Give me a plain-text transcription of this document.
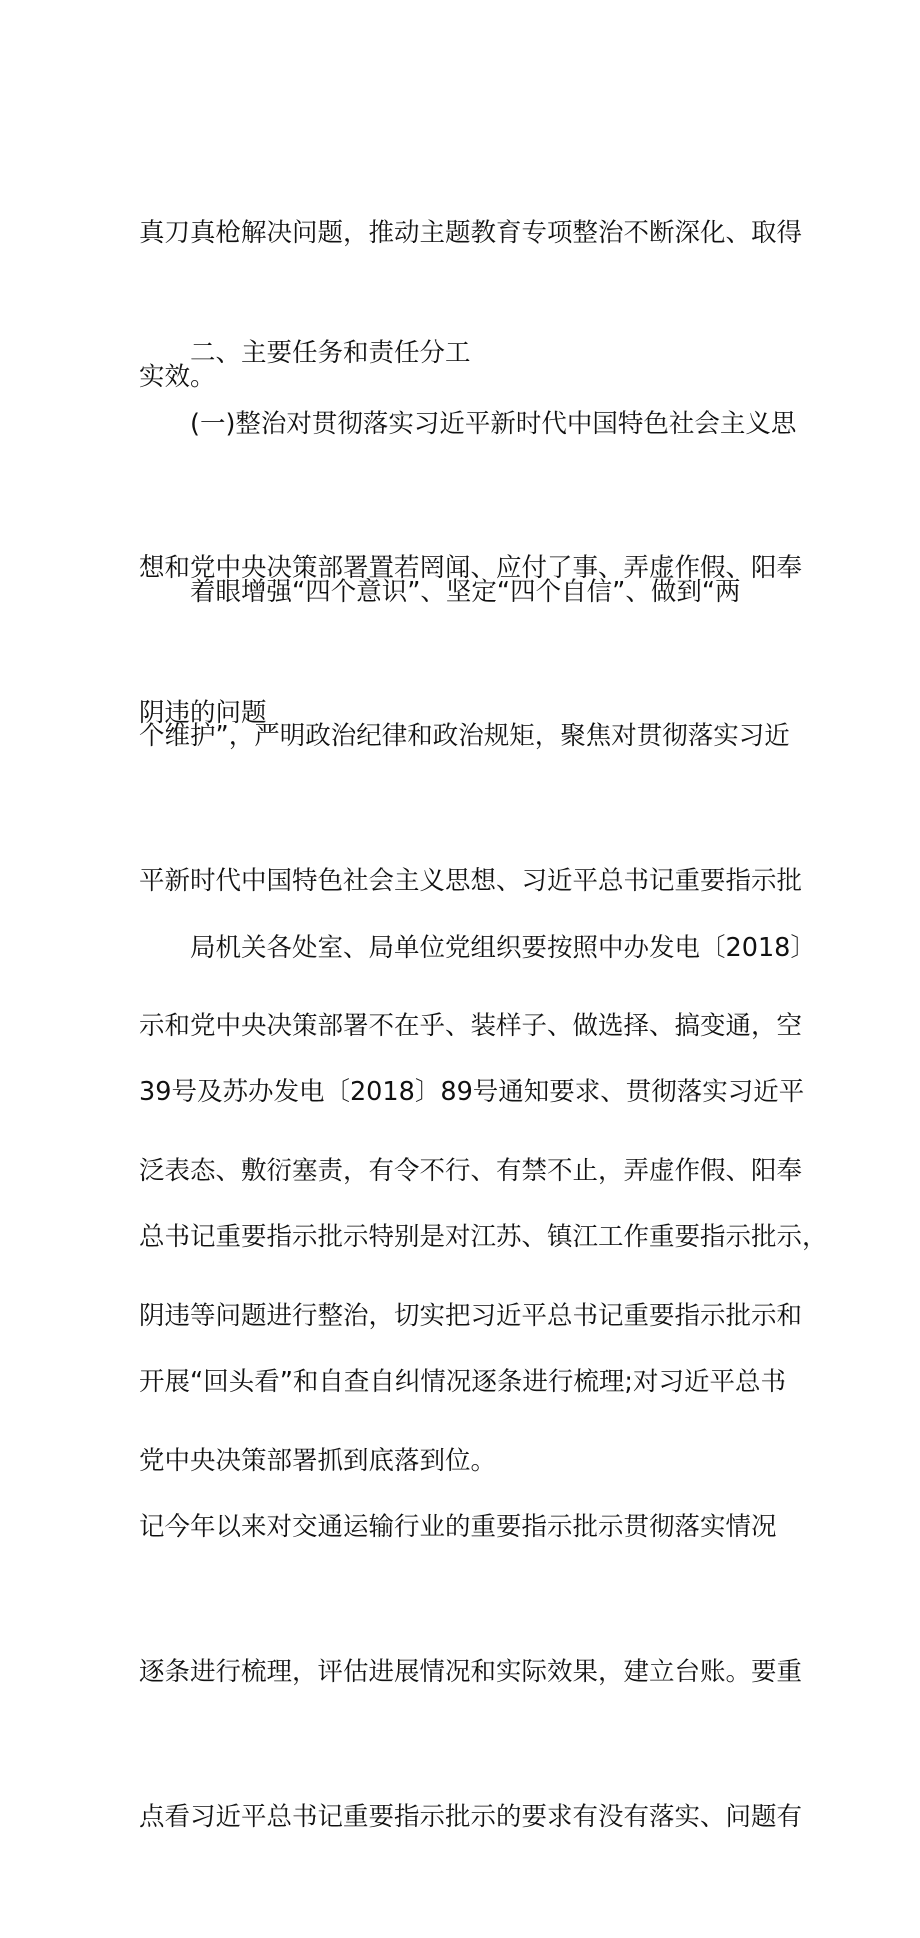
真刀真枪解决问题，推动主题教育专项整治不断深化、取得

实效。

　　二、主要任务和责任分工

　　(一)整治对贯彻落实习近平新时代中国特色社会主义思

想和党中央决策部署置若罔闻、应付了事、弄虚作假、阳奉

阴违的问题

　　着眼增强“四个意识”、坚定“四个自信”、做到“两

个维护”，严明政治纪律和政治规矩，聚焦对贯彻落实习近

平新时代中国特色社会主义思想、习近平总书记重要指示批

示和党中央决策部署不在乎、装样子、做选择、搞变通，空

泛表态、敷衍塞责，有令不行、有禁不止，弄虚作假、阳奉

阴违等问题进行整治，切实把习近平总书记重要指示批示和

党中央决策部署抓到底落到位。

　　局机关各处室、局单位党组织要按照中办发电〔2018〕

39号及苏办发电〔2018〕89号通知要求、贯彻落实习近平

总书记重要指示批示特别是对江苏、镇江工作重要指示批示，

开展“回头看”和自查自纠情况逐条进行梳理;对习近平总书

记今年以来对交通运输行业的重要指示批示贯彻落实情况

逐条进行梳理，评估进展情况和实际效果，建立台账。要重

点看习近平总书记重要指示批示的要求有没有落实、问题有
